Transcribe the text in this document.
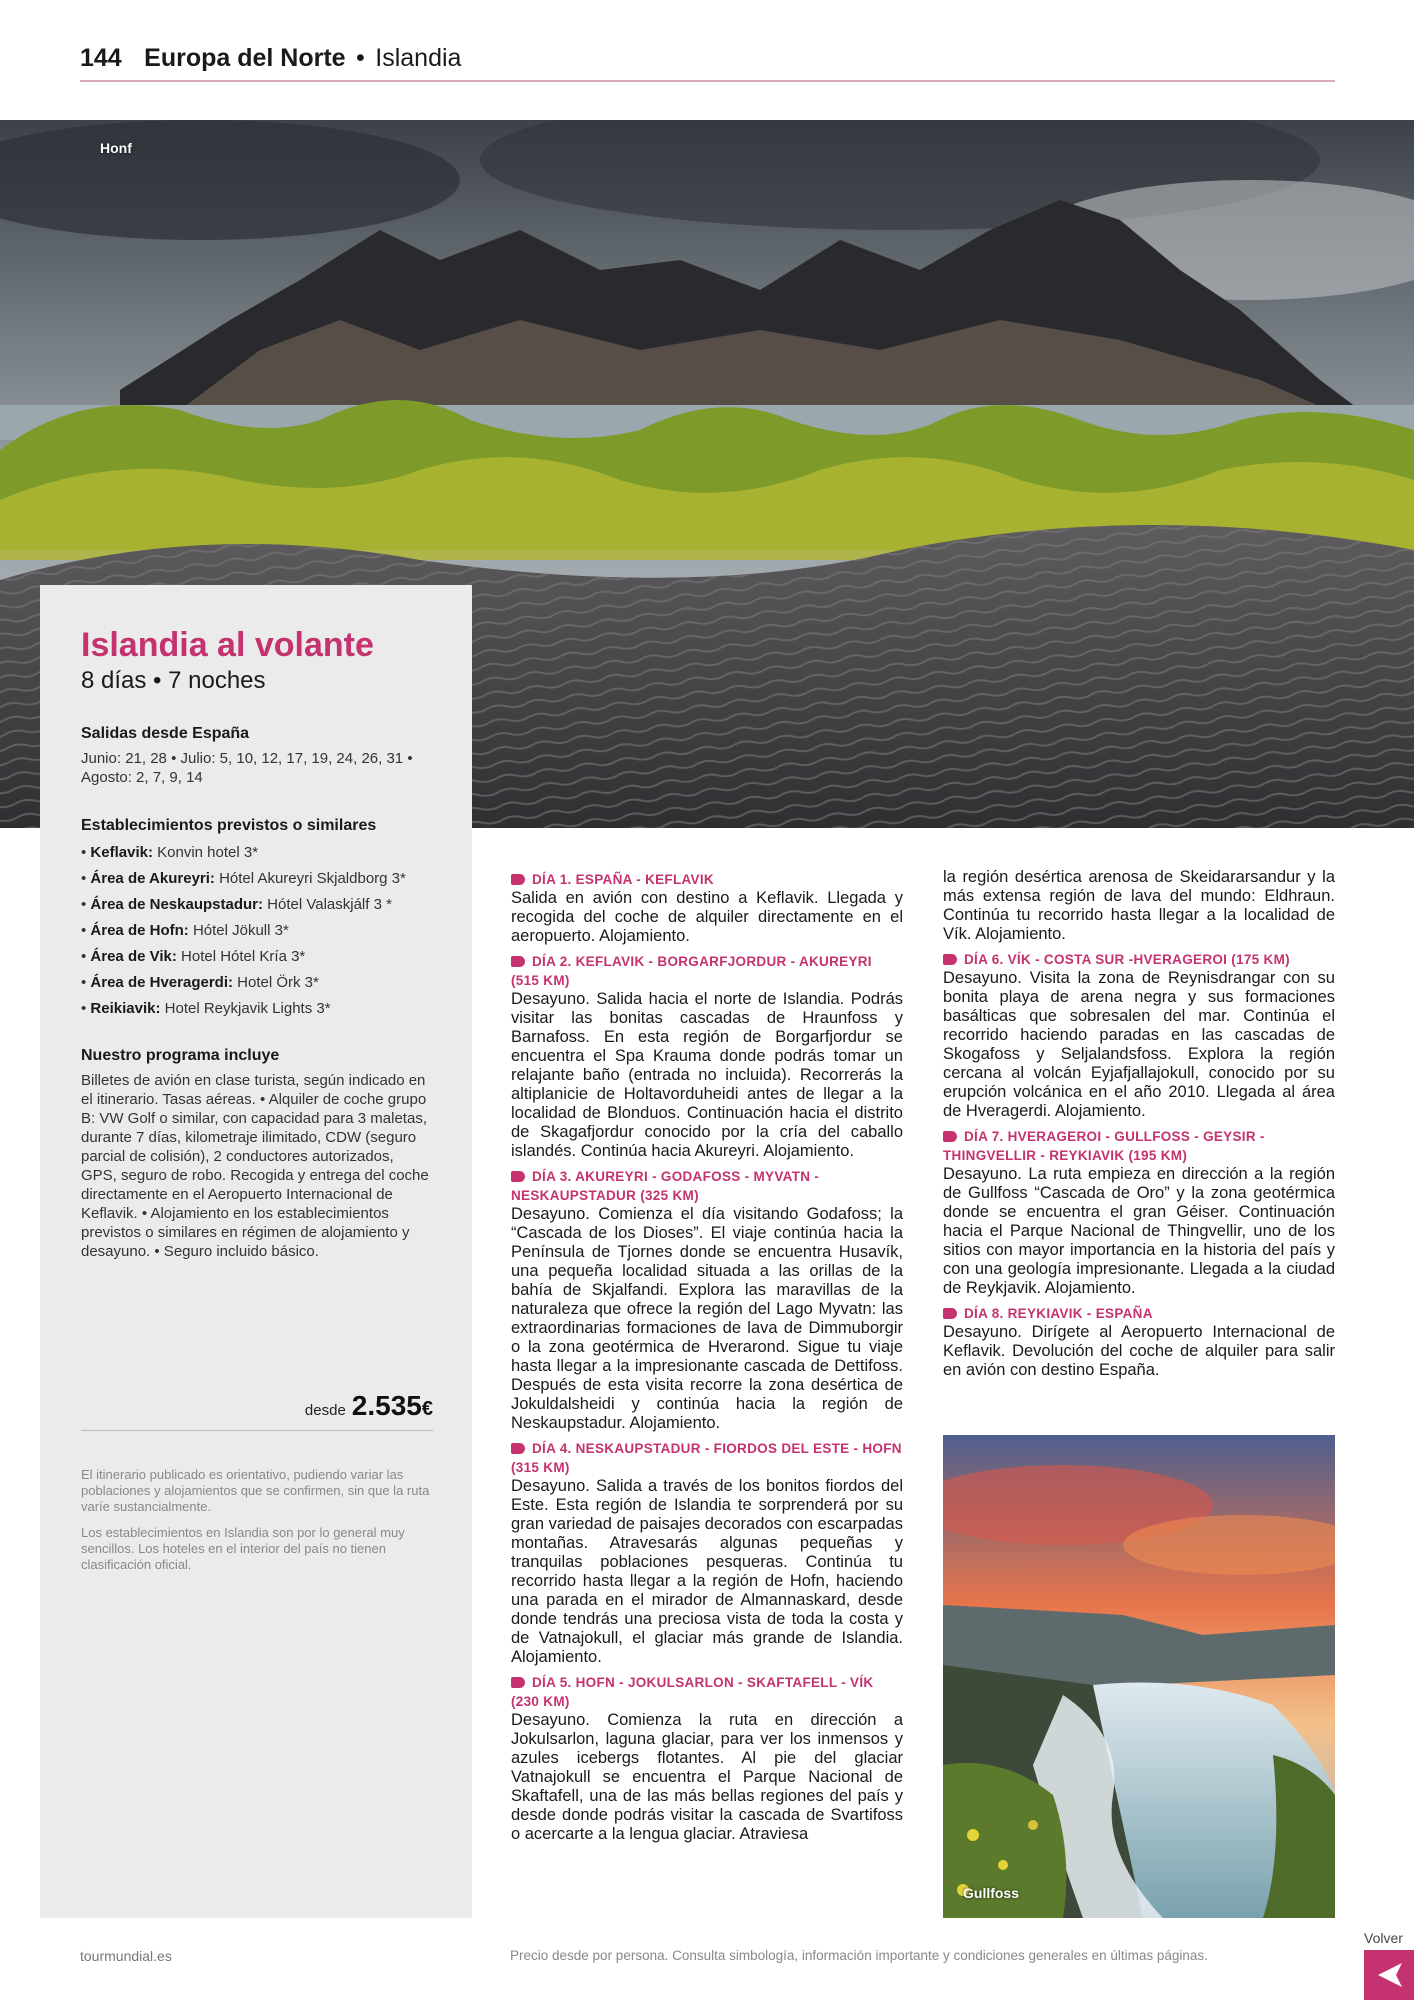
144 Europa del Norte • Islandia
Honf
Islandia al volante
8 días • 7 noches
Salidas desde España
Junio: 21, 28 • Julio: 5, 10, 12, 17, 19, 24, 26, 31 • Agosto: 2, 7, 9, 14
Establecimientos previstos o similares
• Keflavik: Konvin hotel 3*
• Área de Akureyri: Hótel Akureyri Skjaldborg 3*
• Área de Neskaupstadur: Hótel Valaskjálf 3 *
• Área de Hofn: Hótel Jökull 3*
• Área de Vik: Hotel Hótel Kría 3*
• Área de Hveragerdi: Hotel Örk 3*
• Reikiavik: Hotel Reykjavik Lights 3*
Nuestro programa incluye
Billetes de avión en clase turista, según indicado en el itinerario. Tasas aéreas. • Alquiler de coche grupo B: VW Golf o similar, con capacidad para 3 maletas, durante 7 días, kilometraje ilimitado, CDW (seguro parcial de colisión), 2 conductores autorizados, GPS, seguro de robo. Recogida y entrega del coche directamente en el Aeropuerto Internacional de Keflavik. • Alojamiento en los establecimientos previstos o similares en régimen de alojamiento y desayuno. • Seguro incluido básico.
desde 2.535€
El itinerario publicado es orientativo, pudiendo variar las poblaciones y alojamientos que se confirmen, sin que la ruta varíe sustancialmente.
Los establecimientos en Islandia son por lo general muy sencillos. Los hoteles en el interior del país no tienen clasificación oficial.
DÍA 1. ESPAÑA - KEFLAVIK

Salida en avión con destino a Keflavik. Llegada y recogida del coche de alquiler directamente en el aeropuerto. Alojamiento.

DÍA 2. KEFLAVIK - BORGARFJORDUR - AKUREYRI (515 KM)

Desayuno. Salida hacia el norte de Islandia. Podrás visitar las bonitas cascadas de Hraunfoss y Barnafoss. En esta región de Borgarfjordur se encuentra el Spa Krauma donde podrás tomar un relajante baño (entrada no incluida). Recorrerás la altiplanicie de Holtavorduheidi antes de llegar a la localidad de Blonduos. Continuación hacia el distrito de Skagafjordur conocido por la cría del caballo islandés. Continúa hacia Akureyri. Alojamiento.

DÍA 3. AKUREYRI - GODAFOSS - MYVATN - NESKAUPSTADUR (325 KM)

Desayuno. Comienza el día visitando Godafoss; la “Cascada de los Dioses”. El viaje continúa hacia la Península de Tjornes donde se encuentra Husavík, una pequeña localidad situada a las orillas de la bahía de Skjalfandi. Explora las maravillas de la naturaleza que ofrece la región del Lago Myvatn: las extraordinarias formaciones de lava de Dimmuborgir o la zona geotérmica de Hverarond. Sigue tu viaje hasta llegar a la impresionante cascada de Dettifoss. Después de esta visita recorre la zona desértica de Jokuldalsheidi y continúa hacia la región de Neskaupstadur. Alojamiento.

DÍA 4. NESKAUPSTADUR - FIORDOS DEL ESTE - HOFN (315 KM)

Desayuno. Salida a través de los bonitos fiordos del Este. Esta región de Islandia te sorprenderá por su gran variedad de paisajes decorados con escarpadas montañas. Atravesarás algunas pequeñas y tranquilas poblaciones pesqueras. Continúa tu recorrido hasta llegar a la región de Hofn, haciendo una parada en el mirador de Almannaskard, desde donde tendrás una preciosa vista de toda la costa y de Vatnajokull, el glaciar más grande de Islandia. Alojamiento.

DÍA 5. HOFN - JOKULSARLON - SKAFTAFELL - VÍK (230 KM)

Desayuno. Comienza la ruta en dirección a Jokulsarlon, laguna glaciar, para ver los inmensos y azules icebergs flotantes. Al pie del glaciar Vatnajokull se encuentra el Parque Nacional de Skaftafell, una de las más bellas regiones del país y desde donde podrás visitar la cascada de Svartifoss o acercarte a la lengua glaciar. Atraviesa

la región desértica arenosa de Skeidararsandur y la más extensa región de lava del mundo: Eldhraun. Continúa tu recorrido hasta llegar a la localidad de Vík. Alojamiento.

DÍA 6. VÍK - COSTA SUR -HVERAGEROI (175 KM)

Desayuno. Visita la zona de Reynisdrangar con su bonita playa de arena negra y sus formaciones basálticas que sobresalen del mar. Continúa el recorrido haciendo paradas en las cascadas de Skogafoss y Seljalandsfoss. Explora la región cercana al volcán Eyjafjallajokull, conocido por su erupción volcánica en el año 2010. Llegada al área de Hveragerdi. Alojamiento.

DÍA 7. HVERAGEROI - GULLFOSS - GEYSIR - THINGVELLIR - REYKIAVIK (195 KM)

Desayuno. La ruta empieza en dirección a la región de Gullfoss “Cascada de Oro” y la zona geotérmica donde se encuentra el gran Géiser. Continuación hacia el Parque Nacional de Thingvellir, uno de los sitios con mayor importancia en la historia del país y con una geología impresionante. Llegada a la ciudad de Reykjavik. Alojamiento.

DÍA 8. REYKIAVIK - ESPAÑA

Desayuno. Dirígete al Aeropuerto Internacional de Keflavik. Devolución del coche de alquiler para salir en avión con destino España.

Gullfoss
tourmundial.es	Precio desde por persona. Consulta simbología, información importante y condiciones generales en últimas páginas.
Volver
